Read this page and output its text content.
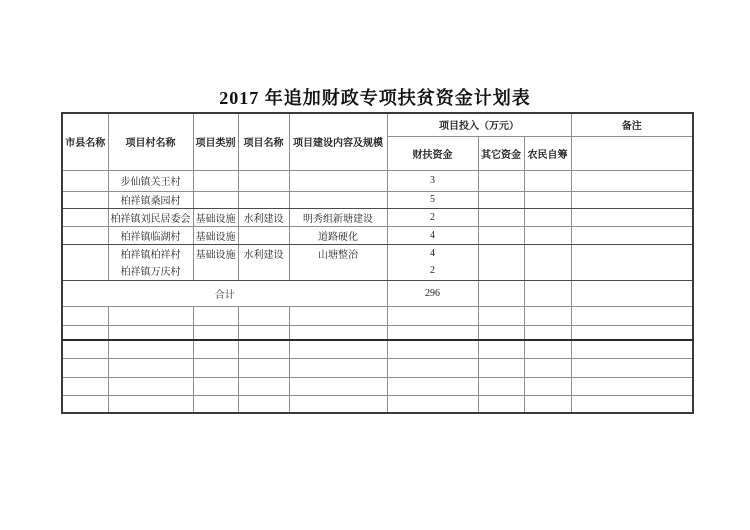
2017 年追加财政专项扶贫资金计划表
市县名称	项目村名称	项目类别	项目名称	项目建设内容及规模	项目投入（万元）			备注
					财扶资金	其它资金	农民自筹	
	步仙镇关王村				3			
	柏祥镇桑园村				5			
	柏祥镇刘民居委会	基础设施	水利建设	明秀组新塘建设	2			
	柏祥镇临湖村	基础设施		道路硬化	4			
	柏祥镇柏祥村	基础设施	水利建设	山塘整治	4			
	柏祥镇万庆村				2			
合计					296			
